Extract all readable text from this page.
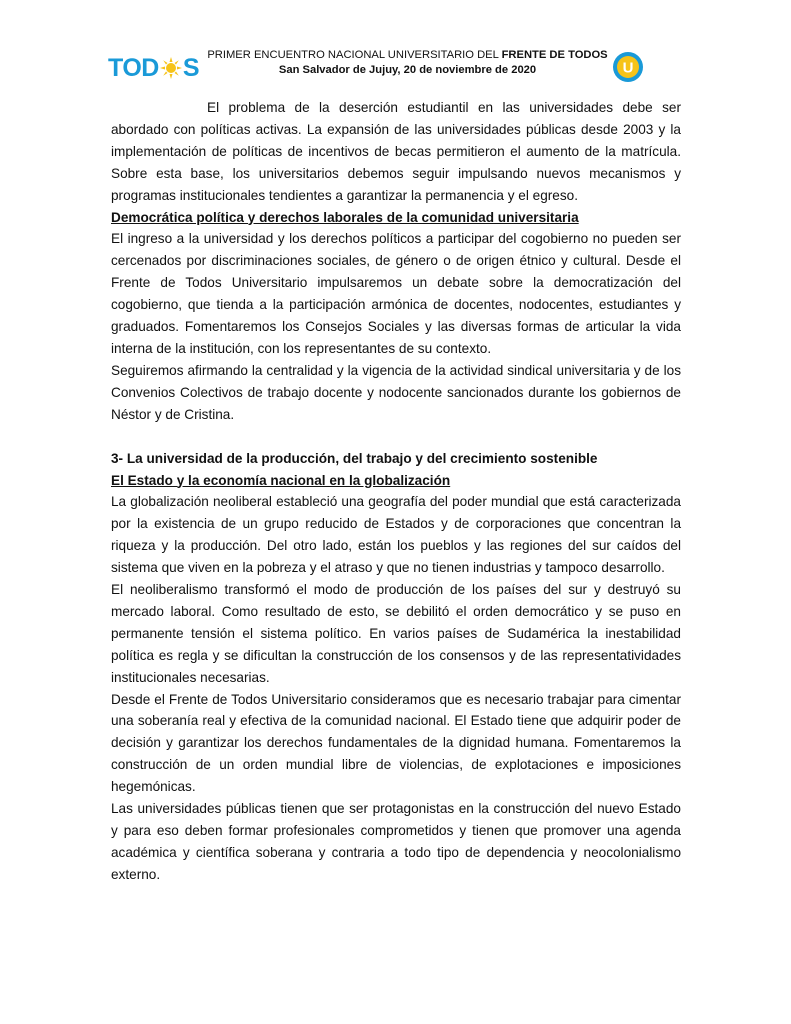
TOD S PRIMER ENCUENTRO NACIONAL UNIVERSITARIO DEL FRENTE DE TODOS
San Salvador de Jujuy, 20 de noviembre de 2020	U

El problema de la deserción estudiantil en las universidades debe ser abordado con políticas activas. La expansión de las universidades públicas desde 2003 y la implementación de políticas de incentivos de becas permitieron el aumento de la matrícula. Sobre esta base, los universitarios debemos seguir impulsando nuevos mecanismos y programas institucionales tendientes a garantizar la permanencia y el egreso.

Democrática política y derechos laborales de la comunidad universitaria

El ingreso a la universidad y los derechos políticos a participar del cogobierno no pueden ser cercenados por discriminaciones sociales, de género o de origen étnico y cultural. Desde el Frente de Todos Universitario impulsaremos un debate sobre la democratización del cogobierno, que tienda a la participación armónica de docentes, nodocentes, estudiantes y graduados. Fomentaremos los Consejos Sociales y las diversas formas de articular la vida interna de la institución, con los representantes de su contexto.

Seguiremos afirmando la centralidad y la vigencia de la actividad sindical universitaria y de los Convenios Colectivos de trabajo docente y nodocente sancionados durante los gobiernos de Néstor y de Cristina.

3- La universidad de la producción, del trabajo y del crecimiento sostenible
El Estado y la economía nacional en la globalización

La globalización neoliberal estableció una geografía del poder mundial que está caracterizada por la existencia de un grupo reducido de Estados y de corporaciones que concentran la riqueza y la producción. Del otro lado, están los pueblos y las regiones del sur caídos del sistema que viven en la pobreza y el atraso y que no tienen industrias y tampoco desarrollo.

El neoliberalismo transformó el modo de producción de los países del sur y destruyó su mercado laboral. Como resultado de esto, se debilitó el orden democrático y se puso en permanente tensión el sistema político. En varios países de Sudamérica la inestabilidad política es regla y se dificultan la construcción de los consensos y de las representatividades institucionales necesarias.

Desde el Frente de Todos Universitario consideramos que es necesario trabajar para cimentar una soberanía real y efectiva de la comunidad nacional. El Estado tiene que adquirir poder de decisión y garantizar los derechos fundamentales de la dignidad humana. Fomentaremos la construcción de un orden mundial libre de violencias, de explotaciones e imposiciones hegemónicas.

Las universidades públicas tienen que ser protagonistas en la construcción del nuevo Estado y para eso deben formar profesionales comprometidos y tienen que promover una agenda académica y científica soberana y contraria a todo tipo de dependencia y neocolonialismo externo.
